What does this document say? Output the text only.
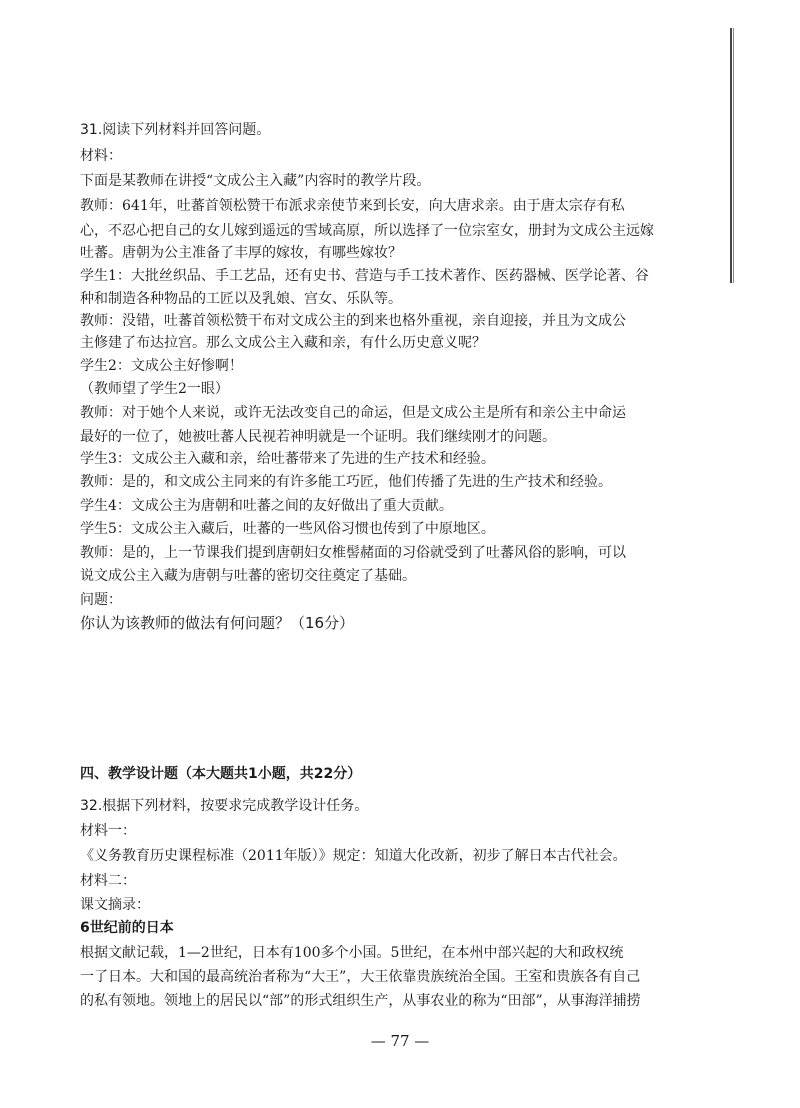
31.阅读下列材料并回答问题。
材料：
下面是某教师在讲授“文成公主入藏”内容时的教学片段。
教师：641年，吐蕃首领松赞干布派求亲使节来到长安，向大唐求亲。由于唐太宗存有私
心，不忍心把自己的女儿嫁到遥远的雪域高原，所以选择了一位宗室女，册封为文成公主远嫁
吐蕃。唐朝为公主准备了丰厚的嫁妆，有哪些嫁妆？
学生1：大批丝织品、手工艺品，还有史书、营造与手工技术著作、医药器械、医学论著、谷
种和制造各种物品的工匠以及乳娘、宫女、乐队等。
教师：没错，吐蕃首领松赞干布对文成公主的到来也格外重视，亲自迎接，并且为文成公
主修建了布达拉宫。那么文成公主入藏和亲，有什么历史意义呢？
学生2：文成公主好惨啊！
（教师望了学生2一眼）
教师：对于她个人来说，或许无法改变自己的命运，但是文成公主是所有和亲公主中命运
最好的一位了，她被吐蕃人民视若神明就是一个证明。我们继续刚才的问题。
学生3：文成公主入藏和亲，给吐蕃带来了先进的生产技术和经验。
教师：是的，和文成公主同来的有许多能工巧匠，他们传播了先进的生产技术和经验。
学生4：文成公主为唐朝和吐蕃之间的友好做出了重大贡献。
学生5：文成公主入藏后，吐蕃的一些风俗习惯也传到了中原地区。
教师：是的，上一节课我们提到唐朝妇女椎髻赭面的习俗就受到了吐蕃风俗的影响，可以
说文成公主入藏为唐朝与吐蕃的密切交往奠定了基础。
问题：
你认为该教师的做法有何问题？（16分）
四、教学设计题（本大题共1小题，共22分）
32.根据下列材料，按要求完成教学设计任务。
材料一：
《义务教育历史课程标准（2011年版）》规定：知道大化改新，初步了解日本古代社会。
材料二：
课文摘录：
6世纪前的日本
根据文献记载，1—2世纪，日本有100多个小国。5世纪，在本州中部兴起的大和政权统
一了日本。大和国的最高统治者称为“大王”，大王依靠贵族统治全国。王室和贵族各有自己
的私有领地。领地上的居民以“部”的形式组织生产，从事农业的称为“田部”，从事海洋捕捞
— 77 —
